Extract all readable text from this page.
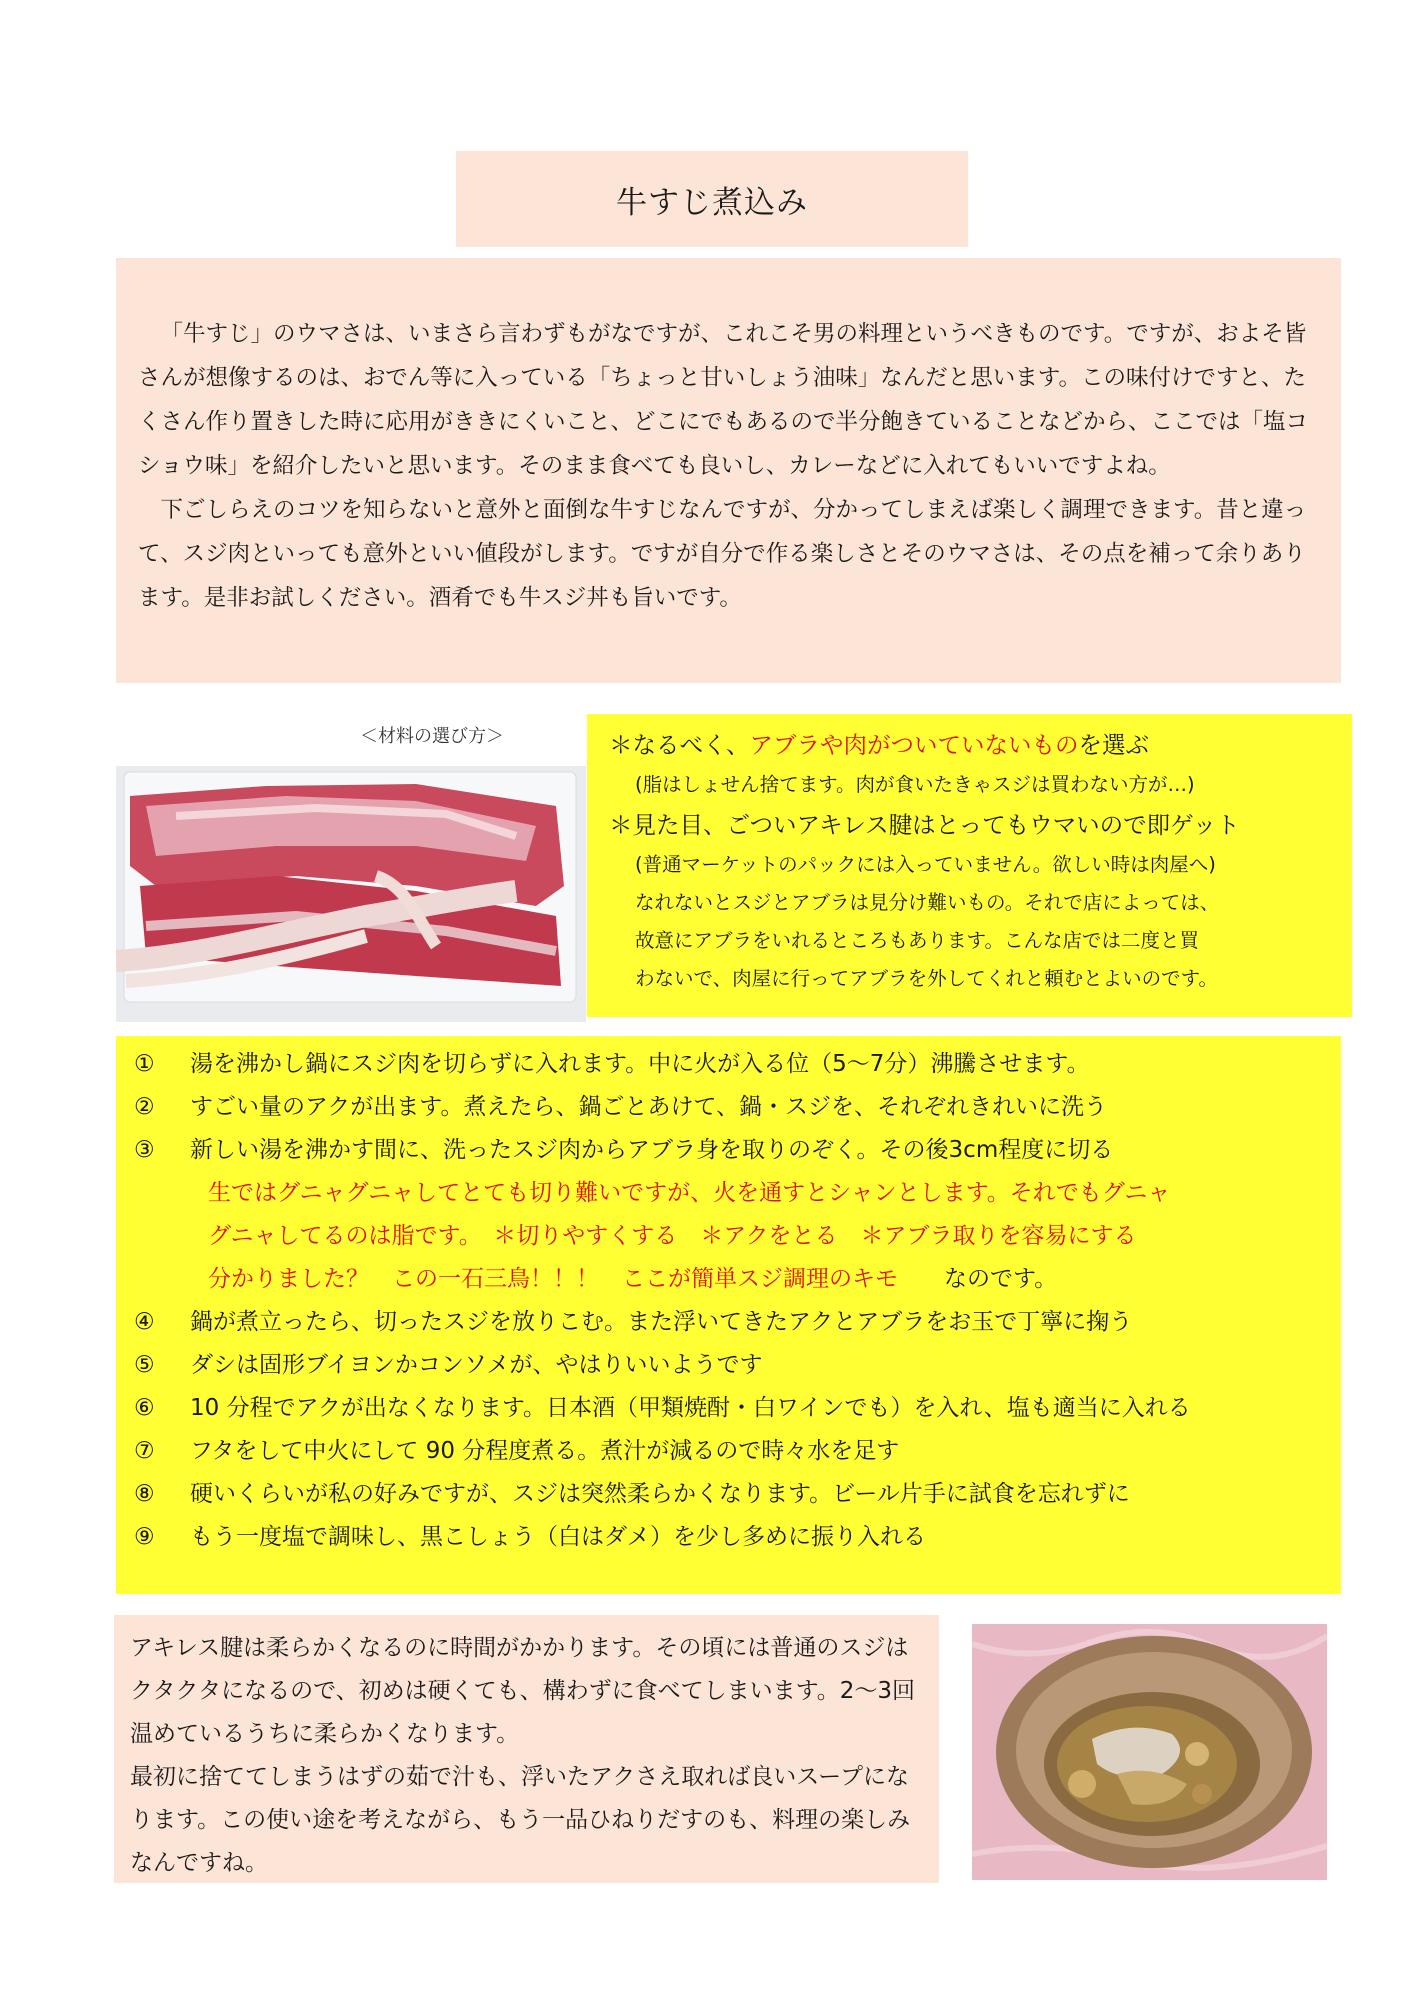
牛すじ煮込み

「牛すじ」のウマさは、いまさら言わずもがなですが、これこそ男の料理というべきものです。ですが、およそ皆さんが想像するのは、おでん等に入っている「ちょっと甘いしょう油味」なんだと思います。この味付けですと、たくさん作り置きした時に応用がききにくいこと、どこにでもあるので半分飽きていることなどから、ここでは「塩コショウ味」を紹介したいと思います。そのまま食べても良いし、カレーなどに入れてもいいですよね。

下ごしらえのコツを知らないと意外と面倒な牛すじなんですが、分かってしまえば楽しく調理できます。昔と違って、スジ肉といっても意外といい値段がします。ですが自分で作る楽しさとそのウマさは、その点を補って余りあります。是非お試しください。酒肴でも牛スジ丼も旨いです。

＜材料の選び方＞	＊なるべく、アブラや肉がついていないものを選ぶ
(脂はしょせん捨てます。肉が食いたきゃスジは買わない方が…)
＊見た目、ごついアキレス腱はとってもウマいので即ゲット
(普通マーケットのパックには入っていません。欲しい時は肉屋へ)
なれないとスジとアブラは見分け難いもの。それで店によっては、
故意にアブラをいれるところもあります。こんな店では二度と買
わないで、肉屋に行ってアブラを外してくれと頼むとよいのです。
①	湯を沸かし鍋にスジ肉を切らずに入れます。中に火が入る位（5～7分）沸騰させます。
②	すごい量のアクが出ます。煮えたら、鍋ごとあけて、鍋・スジを、それぞれきれいに洗う
③	新しい湯を沸かす間に、洗ったスジ肉からアブラ身を取りのぞく。その後3cm程度に切る
生ではグニャグニャしてとても切り難いですが、火を通すとシャンとします。それでもグニャ
グニャしてるのは脂です。　＊切りやすくする　＊アクをとる　＊アブラ取りを容易にする
分かりました？　この一石三鳥！！！　ここが簡単スジ調理のキモ　　なのです。
④	鍋が煮立ったら、切ったスジを放りこむ。また浮いてきたアクとアブラをお玉で丁寧に掬う
⑤	ダシは固形ブイヨンかコンソメが、やはりいいようです
⑥	10 分程でアクが出なくなります。日本酒（甲類焼酎・白ワインでも）を入れ、塩も適当に入れる
⑦	フタをして中火にして 90 分程度煮る。煮汁が減るので時々水を足す
⑧	硬いくらいが私の好みですが、スジは突然柔らかくなります。ビール片手に試食を忘れずに
⑨	もう一度塩で調味し、黒こしょう（白はダメ）を少し多めに振り入れる

アキレス腱は柔らかくなるのに時間がかかります。その頃には普通のスジはクタクタになるので、初めは硬くても、構わずに食べてしまいます。2～3回温めているうちに柔らかくなります。

最初に捨ててしまうはずの茹で汁も、浮いたアクさえ取れば良いスープになります。この使い途を考えながら、もう一品ひねりだすのも、料理の楽しみなんですね。
